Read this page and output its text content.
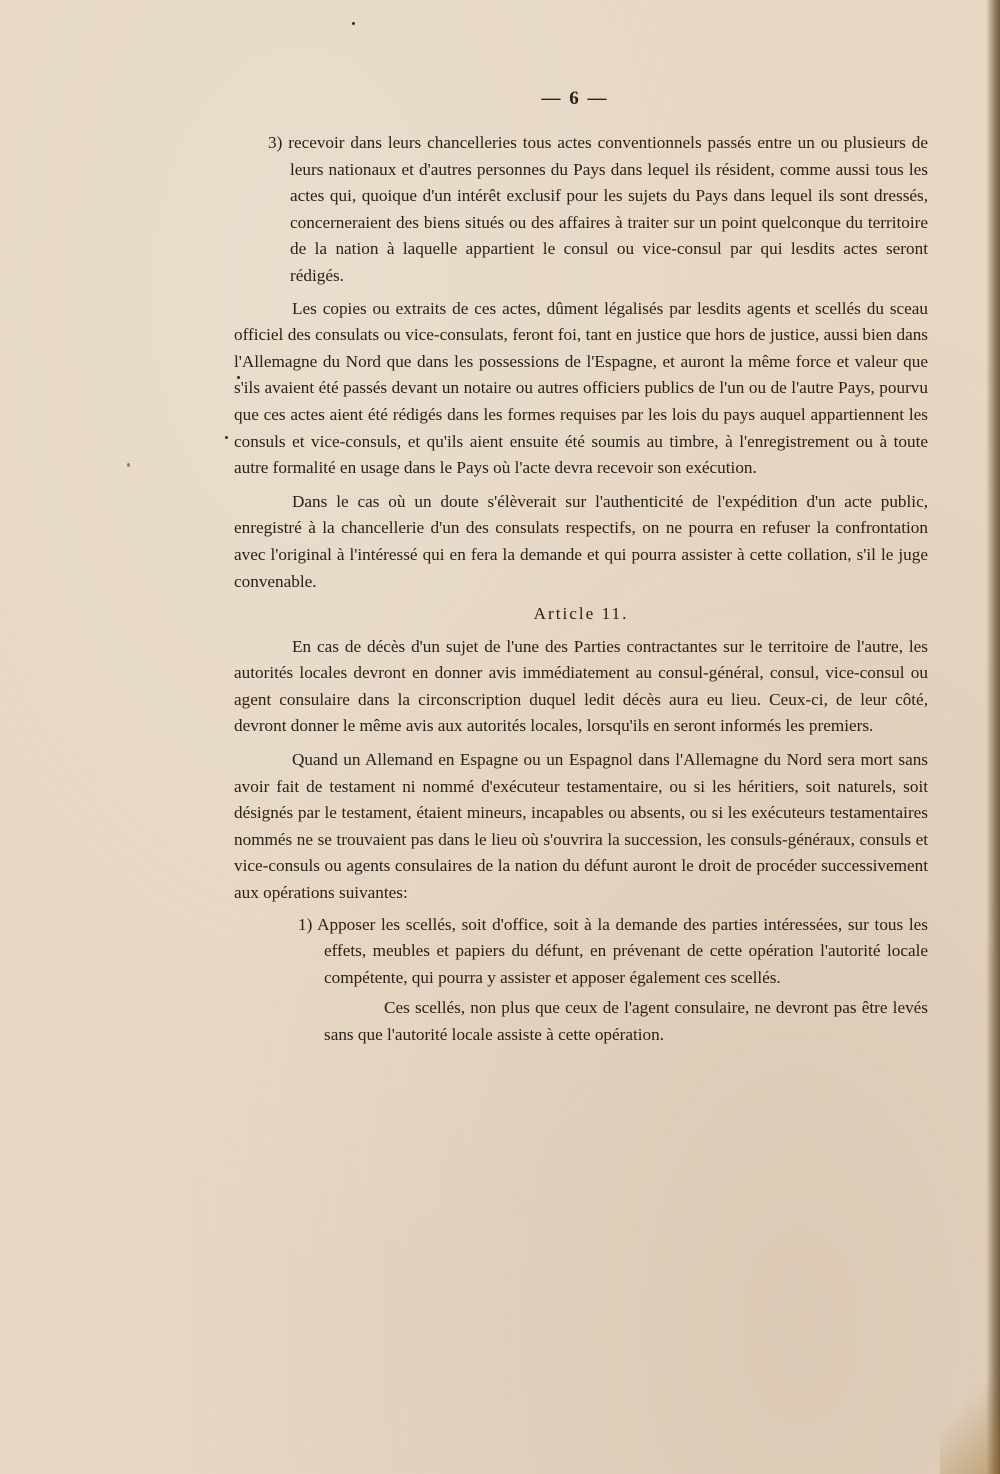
— 6 —

3) recevoir dans leurs chancelleries tous actes conventionnels passés entre un ou plusieurs de leurs nationaux et d'autres personnes du Pays dans lequel ils résident, comme aussi tous les actes qui, quoique d'un intérêt exclusif pour les sujets du Pays dans lequel ils sont dressés, concerneraient des biens situés ou des affaires à traiter sur un point quelconque du territoire de la nation à laquelle appartient le consul ou vice-consul par qui lesdits actes seront rédigés.

Les copies ou extraits de ces actes, dûment légalisés par lesdits agents et scellés du sceau officiel des consulats ou vice-consulats, feront foi, tant en justice que hors de justice, aussi bien dans l'Allemagne du Nord que dans les possessions de l'Espagne, et auront la même force et valeur que s'ils avaient été passés devant un notaire ou autres officiers publics de l'un ou de l'autre Pays, pourvu que ces actes aient été rédigés dans les formes requises par les lois du pays auquel appartiennent les consuls et vice-consuls, et qu'ils aient ensuite été soumis au timbre, à l'enregistrement ou à toute autre formalité en usage dans le Pays où l'acte devra recevoir son exécution.

Dans le cas où un doute s'élèverait sur l'authenticité de l'expédition d'un acte public, enregistré à la chancellerie d'un des consulats respectifs, on ne pourra en refuser la confrontation avec l'original à l'intéressé qui en fera la demande et qui pourra assister à cette collation, s'il le juge convenable.

Article 11.

En cas de décès d'un sujet de l'une des Parties contractantes sur le territoire de l'autre, les autorités locales devront en donner avis immédiatement au consul-général, consul, vice-consul ou agent consulaire dans la circonscription duquel ledit décès aura eu lieu. Ceux-ci, de leur côté, devront donner le même avis aux autorités locales, lorsqu'ils en seront informés les premiers.

Quand un Allemand en Espagne ou un Espagnol dans l'Allemagne du Nord sera mort sans avoir fait de testament ni nommé d'exécuteur testamentaire, ou si les héritiers, soit naturels, soit désignés par le testament, étaient mineurs, incapables ou absents, ou si les exécuteurs testamentaires nommés ne se trouvaient pas dans le lieu où s'ouvrira la succession, les consuls-généraux, consuls et vice-consuls ou agents consulaires de la nation du défunt auront le droit de procéder successivement aux opérations suivantes:

1) Apposer les scellés, soit d'office, soit à la demande des parties intéressées, sur tous les effets, meubles et papiers du défunt, en prévenant de cette opération l'autorité locale compétente, qui pourra y assister et apposer également ces scellés.

Ces scellés, non plus que ceux de l'agent consulaire, ne devront pas être levés sans que l'autorité locale assiste à cette opération.
